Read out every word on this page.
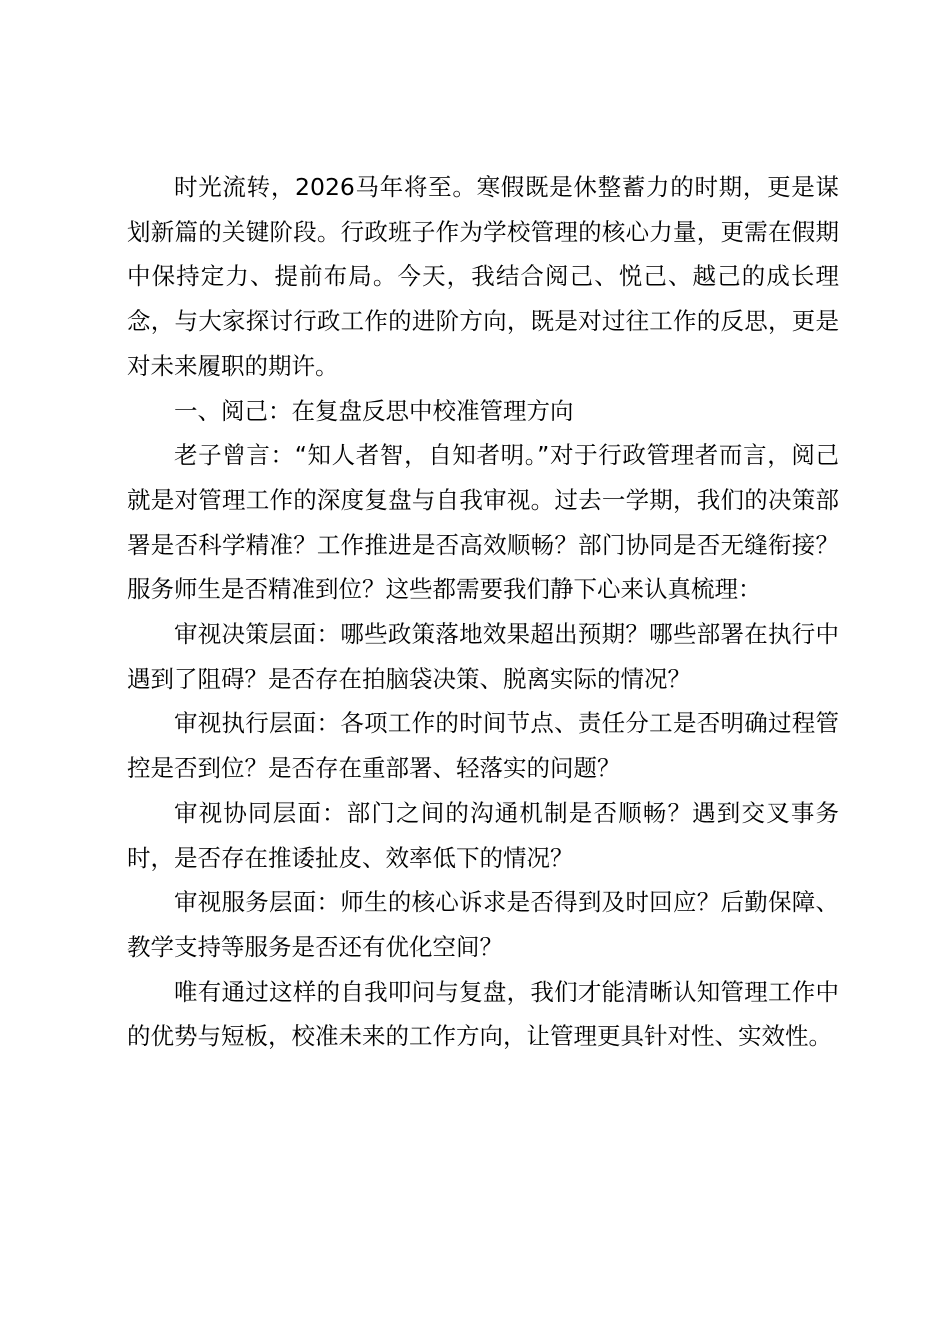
时光流转，2026马年将至。寒假既是休整蓄力的时期，更是谋划新篇的关键阶段。行政班子作为学校管理的核心力量，更需在假期中保持定力、提前布局。今天，我结合阅己、悦己、越己的成长理念，与大家探讨行政工作的进阶方向，既是对过往工作的反思，更是对未来履职的期许。

一、阅己：在复盘反思中校准管理方向

老子曾言：“知人者智，自知者明。”对于行政管理者而言，阅己就是对管理工作的深度复盘与自我审视。过去一学期，我们的决策部署是否科学精准？工作推进是否高效顺畅？部门协同是否无缝衔接？服务师生是否精准到位？这些都需要我们静下心来认真梳理：

审视决策层面：哪些政策落地效果超出预期？哪些部署在执行中遇到了阻碍？是否存在拍脑袋决策、脱离实际的情况？

审视执行层面：各项工作的时间节点、责任分工是否明确过程管控是否到位？是否存在重部署、轻落实的问题？

审视协同层面：部门之间的沟通机制是否顺畅？遇到交叉事务时，是否存在推诿扯皮、效率低下的情况？

审视服务层面：师生的核心诉求是否得到及时回应？后勤保障、教学支持等服务是否还有优化空间？

唯有通过这样的自我叩问与复盘，我们才能清晰认知管理工作中的优势与短板，校准未来的工作方向，让管理更具针对性、实效性。
